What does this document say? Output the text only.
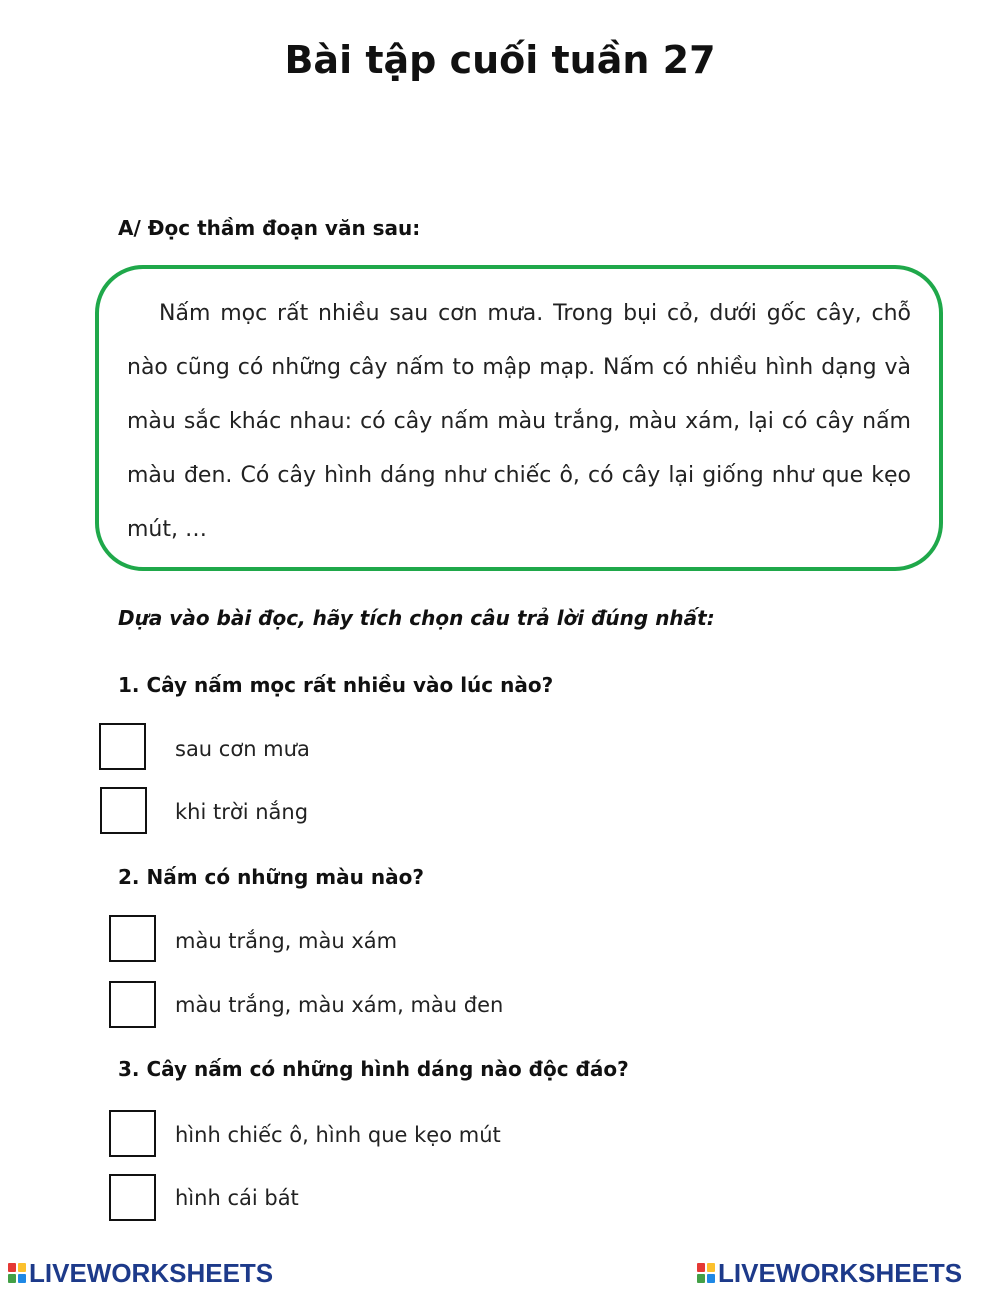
Bài tập cuối tuần 27
A/ Đọc thầm đoạn văn sau:

Nấm mọc rất nhiều sau cơn mưa. Trong bụi cỏ, dưới gốc cây, chỗ nào cũng có những cây nấm to mập mạp. Nấm có nhiều hình dạng và màu sắc khác nhau: có cây nấm màu trắng, màu xám, lại có cây nấm màu đen. Có cây hình dáng như chiếc ô, có cây lại giống như que kẹo mút, …

Dựa vào bài đọc, hãy tích chọn câu trả lời đúng nhất:
1. Cây nấm mọc rất nhiều vào lúc nào?
sau cơn mưa
khi trời nắng
2. Nấm có những màu nào?
màu trắng, màu xám
màu trắng, màu xám, màu đen
3. Cây nấm có những hình dáng nào độc đáo?
hình chiếc ô, hình que kẹo mút
hình cái bát
LIVEWORKSHEETS	LIVEWORKSHEETS
